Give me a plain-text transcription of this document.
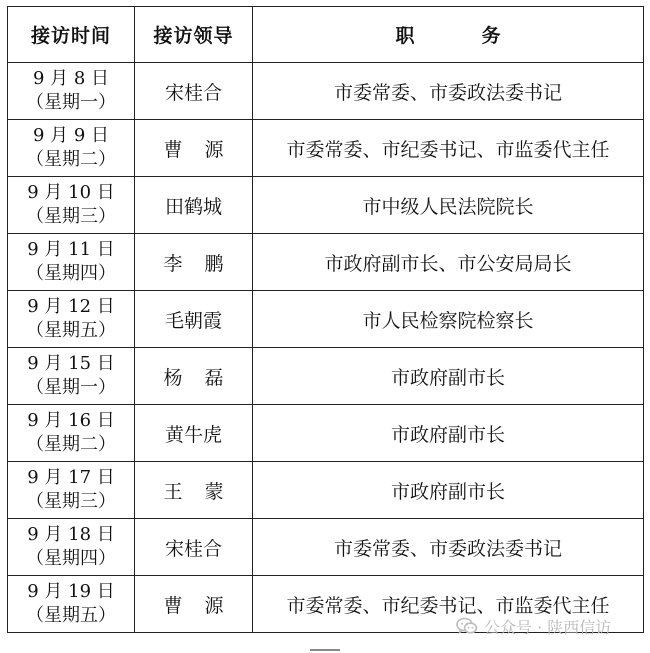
接访时间	接访领导	职　务

9 月 8 日
（星期一）	宋桂合	市委常委、市委政法委书记

9 月 9 日
（星期二）	曹源	市委常委、市纪委书记、市监委代主任

9 月 10 日
（星期三）	田鹤城	市中级人民法院院长

9 月 11 日
（星期四）	李鹏	市政府副市长、市公安局局长

9 月 12 日
（星期五）	毛朝霞	市人民检察院检察长

9 月 15 日
（星期一）	杨磊	市政府副市长

9 月 16 日
（星期二）	黄牛虎	市政府副市长

9 月 17 日
（星期三）	王蒙	市政府副市长

9 月 18 日
（星期四）	宋桂合	市委常委、市委政法委书记

9 月 19 日
（星期五）	曹源	市委常委、市纪委书记、市监委代主任
公众号 · 陕西信访
